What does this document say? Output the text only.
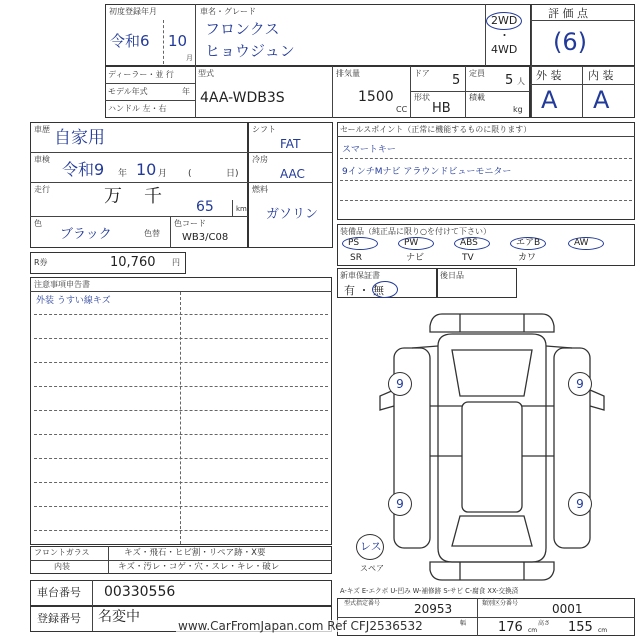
初度登録年月
令和6 10
月
車名・グレード
フロンクス
ヒョウジュン
2WD
・
4WD
評 価 点
(6)
外 装 内 装
A A
ディーラー・並 行
モデル年式	年
ハンドル 左・右
型式
4AA-WDB3S
排気量
1500
CC
ドア 5 定員 5 人
形状
HB
積載
kg
車歴 自家用
車検
令和9 年 10 月 (	日)
走行	万 千 65	km
色
ブラック	色替
色コード
WB3/C08
シフト
FAT
冷房
AAC
燃料
ガソリン
R券	10,760 円
セールスポイント（正常に機能するものに限ります）
スマートキー
9インチMナビ アラウンドビューモニター
装備品（純正品に限り○を付けて下さい）
PS	PW	ABS	エアB	AW
SR	ナビ	TV	カワ
新車保証書
有 ・ 無
後日品
注意事項申告書
外装 うすい線キズ
9	9
9	9
レス
スペア
フロントガラス	キズ・飛石・ヒビ割・リペア跡・X要
内装	キズ・汚レ・コゲ・穴・スレ・キレ・破レ
A-キズ E-エクボ U-凹み W-補修跡 S-サビ C-腐食 XX-交換済
車台番号 00330556
登録番号 名変中
型式指定番号	20953	類別区分番号	0001
幅 176 cm
高さ 155 cm
www.CarFromJapan.com Ref CFJ2536532
